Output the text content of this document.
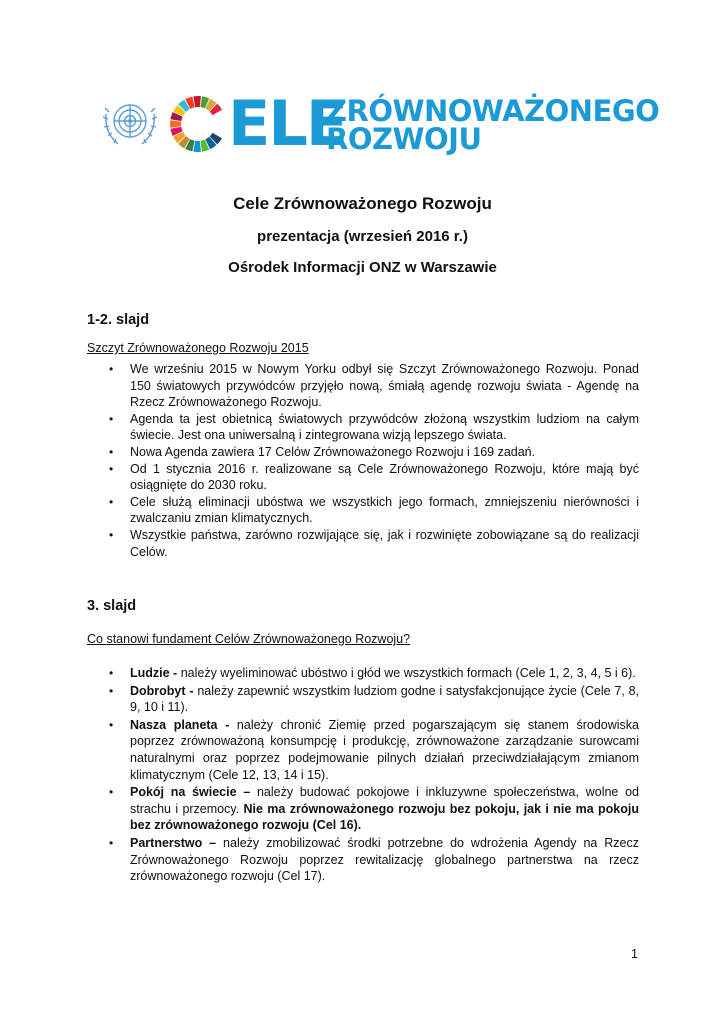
ELE
ZRÓWNOWAŻONEGO
ROZWOJU
Cele Zrównoważonego Rozwoju
prezentacja (wrzesień 2016 r.)
Ośrodek Informacji ONZ w Warszawie
1-2. slajd
Szczyt Zrównoważonego Rozwoju 2015
• We wrześniu 2015 w Nowym Yorku odbył się Szczyt Zrównoważonego Rozwoju. Ponad 150 światowych przywódców przyjęło nową, śmiałą agendę rozwoju świata - Agendę na Rzecz Zrównoważonego Rozwoju.
• Agenda ta jest obietnicą światowych przywódców złożoną wszystkim ludziom na całym świecie. Jest ona uniwersalną i zintegrowana wizją lepszego świata.
• Nowa Agenda zawiera 17 Celów Zrównoważonego Rozwoju i 169 zadań.
• Od 1 stycznia 2016 r. realizowane są Cele Zrównoważonego Rozwoju, które mają być osiągnięte do 2030 roku.
• Cele służą eliminacji ubóstwa we wszystkich jego formach, zmniejszeniu nierówności i zwalczaniu zmian klimatycznych.
• Wszystkie państwa, zarówno rozwijające się, jak i rozwinięte zobowiązane są do realizacji Celów.
3. slajd
Co stanowi fundament Celów Zrównoważonego Rozwoju?
• Ludzie - należy wyeliminować ubóstwo i głód we wszystkich formach (Cele 1, 2, 3, 4, 5 i 6).
• Dobrobyt - należy zapewnić wszystkim ludziom godne i satysfakcjonujące życie (Cele 7, 8, 9, 10 i 11).
• Nasza planeta - należy chronić Ziemię przed pogarszającym się stanem środowiska poprzez zrównoważoną konsumpcję i produkcję, zrównoważone zarządzanie surowcami naturalnymi oraz poprzez podejmowanie pilnych działań przeciwdziałającym zmianom klimatycznym (Cele 12, 13, 14 i 15).
• Pokój na świecie – należy budować pokojowe i inkluzywne społeczeństwa, wolne od strachu i przemocy. Nie ma zrównoważonego rozwoju bez pokoju, jak i nie ma pokoju bez zrównoważonego rozwoju (Cel 16).
• Partnerstwo – należy zmobilizować środki potrzebne do wdrożenia Agendy na Rzecz Zrównoważonego Rozwoju poprzez rewitalizację globalnego partnerstwa na rzecz zrównoważonego rozwoju (Cel 17).
1
